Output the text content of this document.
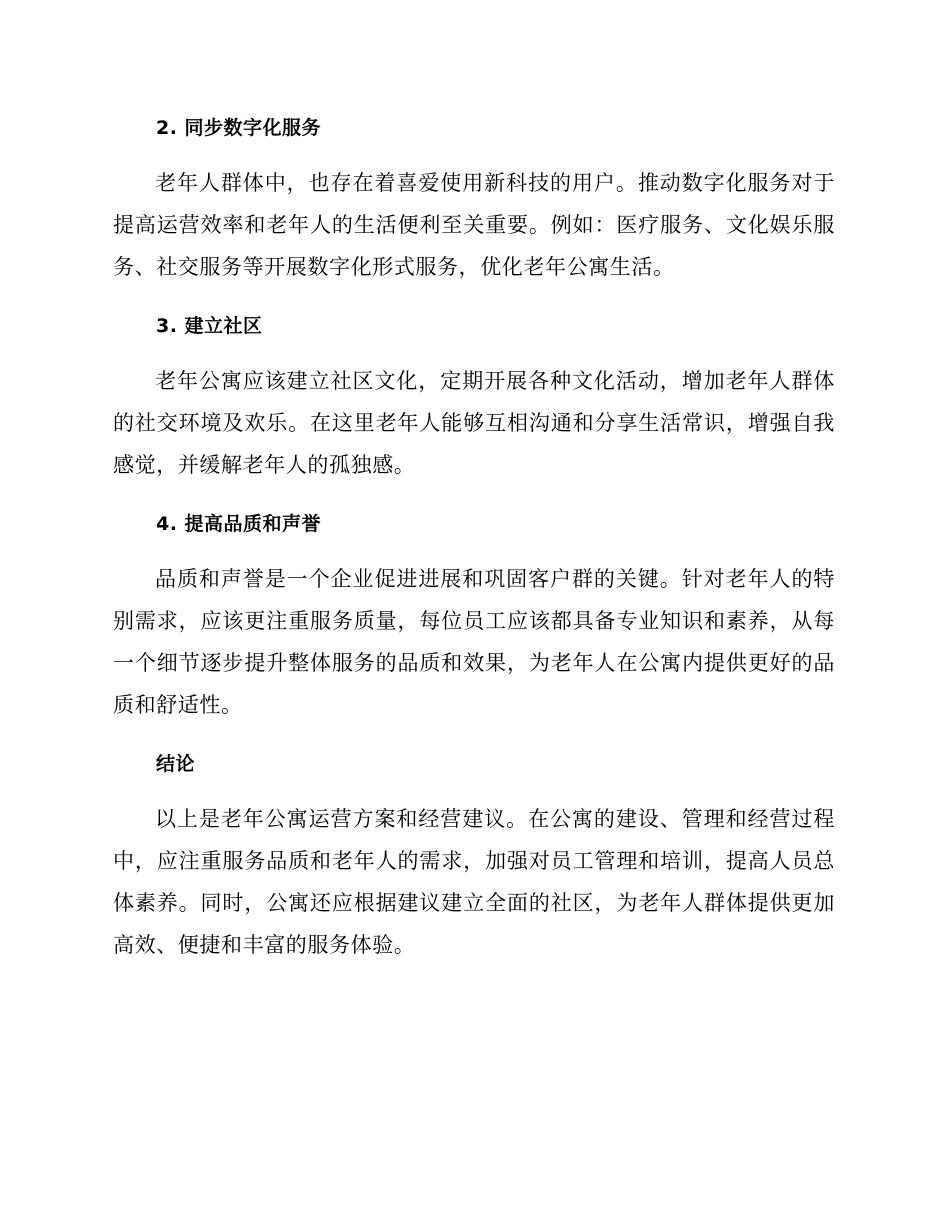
2. 同步数字化服务

老年人群体中，也存在着喜爱使用新科技的用户。推动数字化服务对于提高运营效率和老年人的生活便利至关重要。例如：医疗服务、文化娱乐服务、社交服务等开展数字化形式服务，优化老年公寓生活。

3. 建立社区

老年公寓应该建立社区文化，定期开展各种文化活动，增加老年人群体的社交环境及欢乐。在这里老年人能够互相沟通和分享生活常识，增强自我感觉，并缓解老年人的孤独感。

4. 提高品质和声誉

品质和声誉是一个企业促进进展和巩固客户群的关键。针对老年人的特别需求，应该更注重服务质量，每位员工应该都具备专业知识和素养，从每一个细节逐步提升整体服务的品质和效果，为老年人在公寓内提供更好的品质和舒适性。

结论

以上是老年公寓运营方案和经营建议。在公寓的建设、管理和经营过程中，应注重服务品质和老年人的需求，加强对员工管理和培训，提高人员总体素养。同时，公寓还应根据建议建立全面的社区，为老年人群体提供更加高效、便捷和丰富的服务体验。
